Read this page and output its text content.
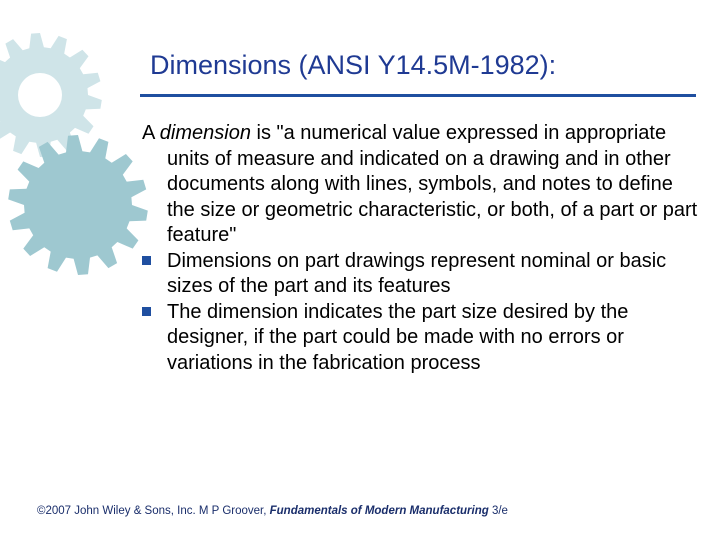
Dimensions (ANSI Y14.5M‐1982):

A dimension is "a numerical value expressed in appropriate units of measure and indicated on a drawing and in other documents along with lines, symbols, and notes to define the size or geometric characteristic, or both, of a part or part feature"

Dimensions on part drawings represent nominal or basic sizes of the part and its features

The dimension indicates the part size desired by the designer, if the part could be made with no errors or variations in the fabrication process

©2007 John Wiley & Sons, Inc. M P Groover, Fundamentals of Modern Manufacturing 3/e
